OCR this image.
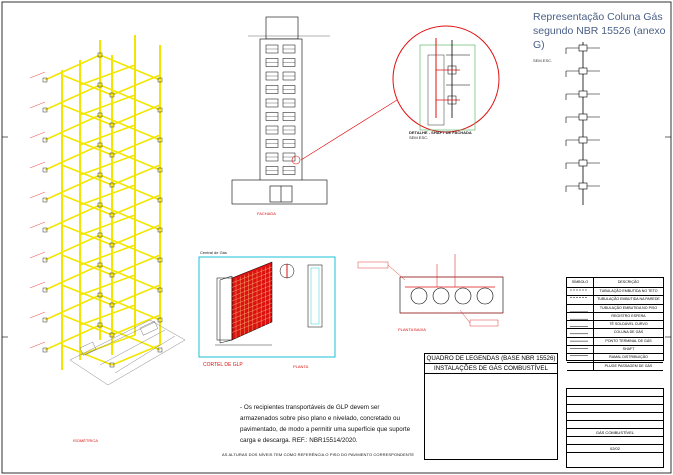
Representação Coluna Gás
segundo NBR 15526 (anexo G)
SEM ESC.
FACHADA
DETALHE - SHAFT DE FACHADA
SEM ESC.
Central de Gás
CORTEL DE GLP	PLANTA
PLANTA BAIXA
ISOMÉTRICA
- Os recipientes transportáveis de GLP devem ser armazenados sobre piso plano e nivelado, concretado ou pavimentado, de modo a permitir uma superfície que suporte carga e descarga. REF.: NBR15514/2020.
AS ALTURAS DOS NÍVEIS TEM COMO REFERÊNCIA O PISO DO PAVIMENTO CORRESPONDENTE
QUADRO DE LEGENDAS (BASE NBR 15526)
INSTALAÇÕES DE GÁS COMBUSTÍVEL
SÍMBOLO	DESCRIÇÃO
TUBULAÇÃO EMBUTIDA NO TETO
TUBULAÇÃO EMBUTIDA NA PAREDE
TUBULAÇÃO EMBUTIDA NO PISO
REGISTRO ESFERA
TÊ SOLDÁVEL CURVO
COLUNA DE GÁS
PONTO TERMINAL DE GÁS
SHAFT
RAMAL DISTRIBUIÇÃO
PLUGE PASSAGEM DE GÁS
GÁS COMBUSTÍVEL
02/02
